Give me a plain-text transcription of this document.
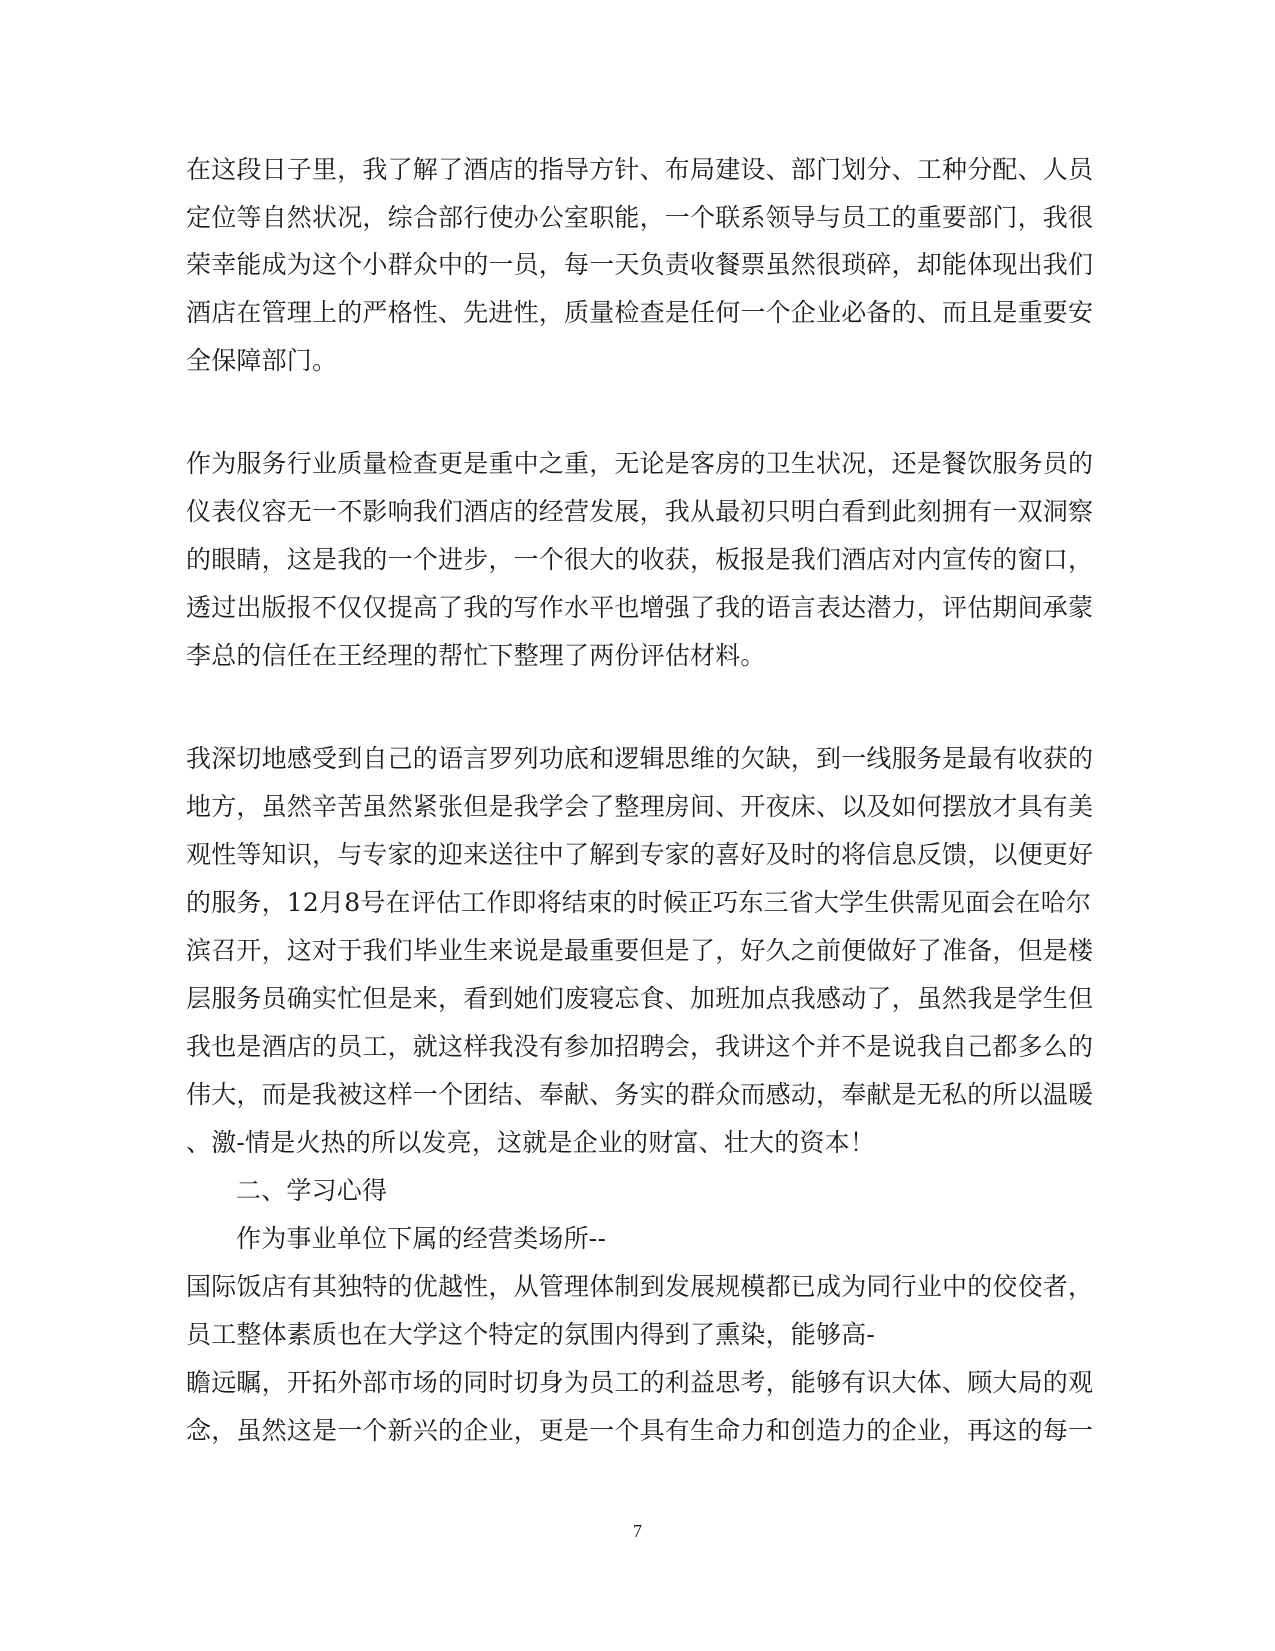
在这段日子里，我了解了酒店的指导方针、布局建设、部门划分、工种分配、人员
定位等自然状况，综合部行使办公室职能，一个联系领导与员工的重要部门，我很
荣幸能成为这个小群众中的一员，每一天负责收餐票虽然很琐碎，却能体现出我们
酒店在管理上的严格性、先进性，质量检查是任何一个企业必备的、而且是重要安
全保障部门。
作为服务行业质量检查更是重中之重，无论是客房的卫生状况，还是餐饮服务员的
仪表仪容无一不影响我们酒店的经营发展，我从最初只明白看到此刻拥有一双洞察
的眼睛，这是我的一个进步，一个很大的收获，板报是我们酒店对内宣传的窗口，
透过出版报不仅仅提高了我的写作水平也增强了我的语言表达潜力，评估期间承蒙
李总的信任在王经理的帮忙下整理了两份评估材料。
我深切地感受到自己的语言罗列功底和逻辑思维的欠缺，到一线服务是最有收获的
地方，虽然辛苦虽然紧张但是我学会了整理房间、开夜床、以及如何摆放才具有美
观性等知识，与专家的迎来送往中了解到专家的喜好及时的将信息反馈，以便更好
的服务，12月8号在评估工作即将结束的时候正巧东三省大学生供需见面会在哈尔
滨召开，这对于我们毕业生来说是最重要但是了，好久之前便做好了准备，但是楼
层服务员确实忙但是来，看到她们废寝忘食、加班加点我感动了，虽然我是学生但
我也是酒店的员工，就这样我没有参加招聘会，我讲这个并不是说我自己都多么的
伟大，而是我被这样一个团结、奉献、务实的群众而感动，奉献是无私的所以温暖
、激-情是火热的所以发亮，这就是企业的财富、壮大的资本！
二、学习心得
作为事业单位下属的经营类场所--
国际饭店有其独特的优越性，从管理体制到发展规模都已成为同行业中的佼佼者，
员工整体素质也在大学这个特定的氛围内得到了熏染，能够高-
瞻远瞩，开拓外部市场的同时切身为员工的利益思考，能够有识大体、顾大局的观
念，虽然这是一个新兴的企业，更是一个具有生命力和创造力的企业，再这的每一
7
